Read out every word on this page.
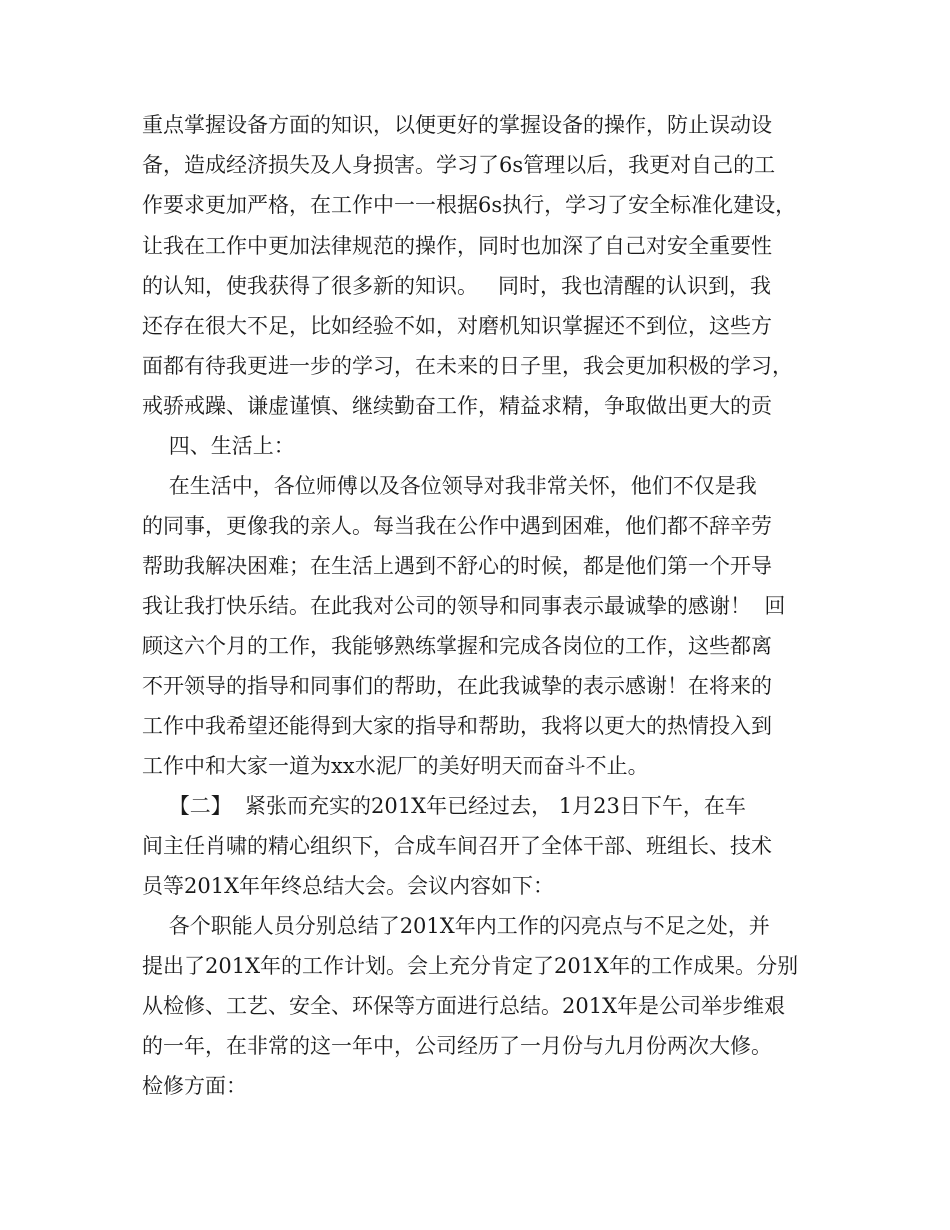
重点掌握设备方面的知识，以便更好的掌握设备的操作，防止误动设
备，造成经济损失及人身损害。学习了6s管理以后，我更对自己的工
作要求更加严格，在工作中一一根据6s执行，学习了安全标准化建设，
让我在工作中更加法律规范的操作，同时也加深了自己对安全重要性
的认知，使我获得了很多新的知识。   同时，我也清醒的认识到，我
还存在很大不足，比如经验不如，对磨机知识掌握还不到位，这些方
面都有待我更进一步的学习，在未来的日子里，我会更加积极的学习，
戒骄戒躁、谦虚谨慎、继续勤奋工作，精益求精，争取做出更大的贡
四、生活上：
在生活中，各位师傅以及各位领导对我非常关怀，他们不仅是我
的同事，更像我的亲人。每当我在公作中遇到困难，他们都不辞辛劳
帮助我解决困难；在生活上遇到不舒心的时候，都是他们第一个开导
我让我打快乐结。在此我对公司的领导和同事表示最诚挚的感谢！  回
顾这六个月的工作，我能够熟练掌握和完成各岗位的工作，这些都离
不开领导的指导和同事们的帮助，在此我诚挚的表示感谢！在将来的
工作中我希望还能得到大家的指导和帮助，我将以更大的热情投入到
工作中和大家一道为xx水泥厂的美好明天而奋斗不止。
【二】  紧张而充实的201X年已经过去， 1月23日下午，在车
间主任肖啸的精心组织下，合成车间召开了全体干部、班组长、技术
员等201X年年终总结大会。会议内容如下：
各个职能人员分别总结了201X年内工作的闪亮点与不足之处，并
提出了201X年的工作计划。会上充分肯定了201X年的工作成果。分别
从检修、工艺、安全、环保等方面进行总结。201X年是公司举步维艰
的一年，在非常的这一年中，公司经历了一月份与九月份两次大修。
检修方面：
